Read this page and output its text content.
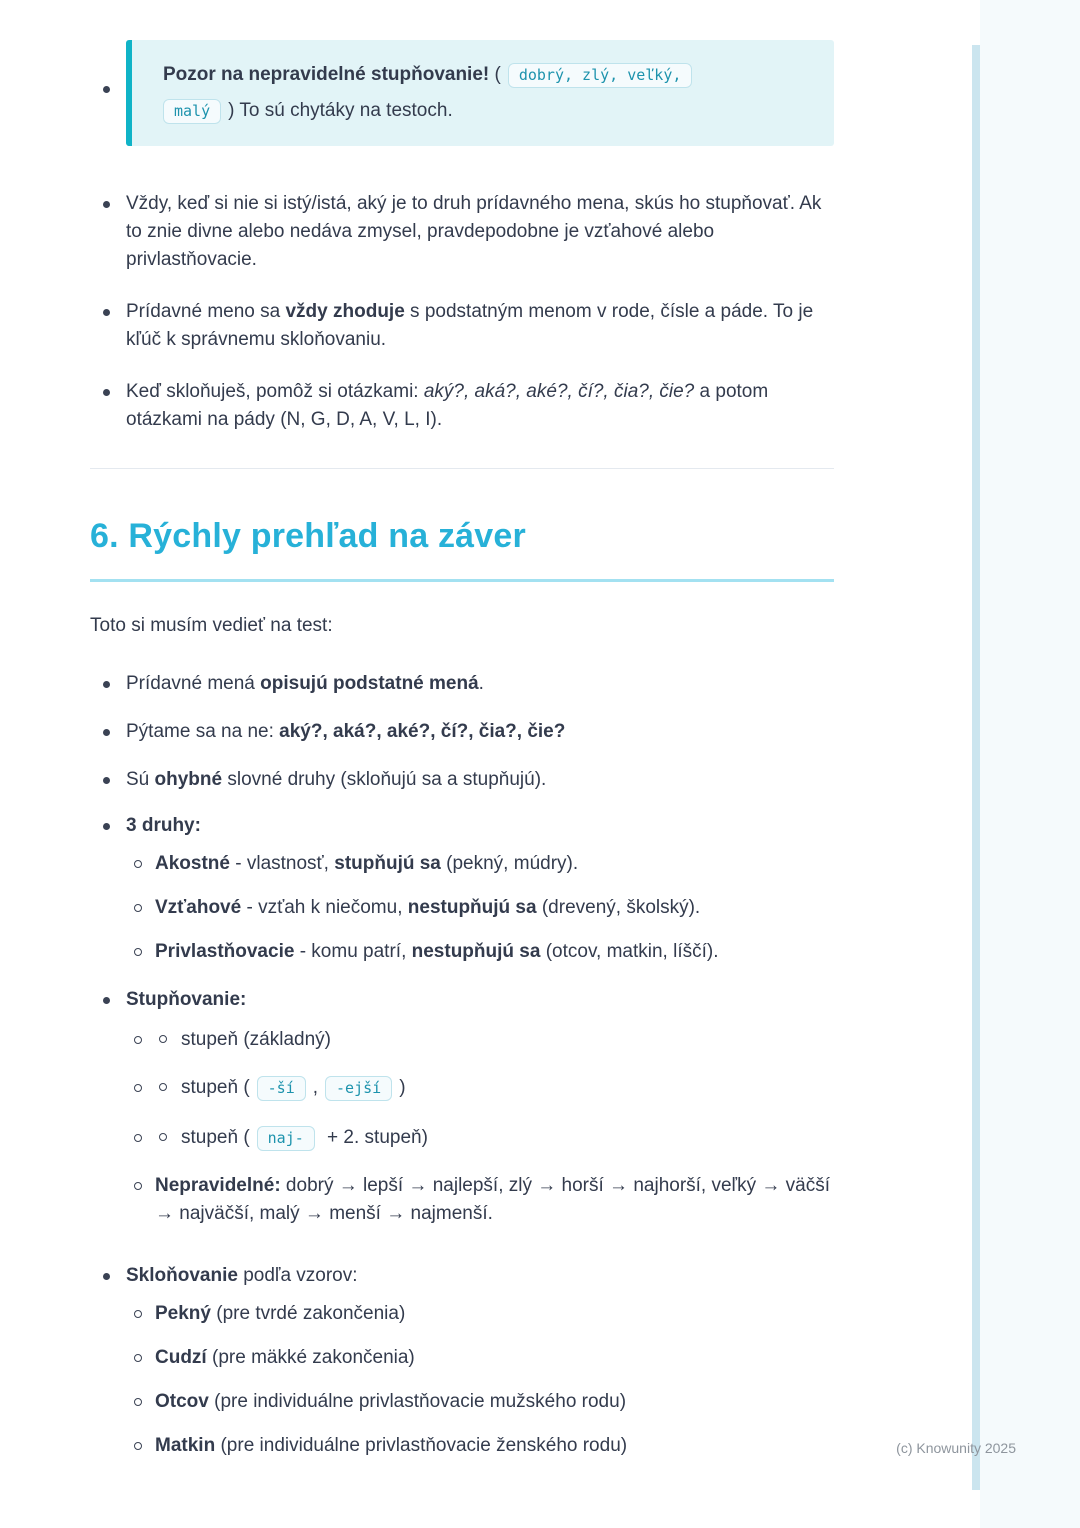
(c) Knowunity 2025

Pozor na nepravidelné stupňovanie! ( dobrý, zlý, veľký,
malý ) To sú chytáky na testoch.

Vždy, keď si nie si istý/istá, aký je to druh prídavného mena, skús ho stupňovať. Ak to znie divne alebo nedáva zmysel, pravdepodobne je vzťahové alebo privlastňovacie.

Prídavné meno sa vždy zhoduje s podstatným menom v rode, čísle a páde. To je kľúč k správnemu skloňovaniu.

Keď skloňuješ, pomôž si otázkami: aký?, aká?, aké?, čí?, čia?, čie? a potom otázkami na pády (N, G, D, A, V, L, I).

6. Rýchly prehľad na záver

Toto si musím vedieť na test:

Prídavné mená opisujú podstatné mená.

Pýtame sa na ne: aký?, aká?, aké?, čí?, čia?, čie?

Sú ohybné slovné druhy (skloňujú sa a stupňujú).

3 druhy:

Akostné - vlastnosť, stupňujú sa (pekný, múdry).

Vzťahové - vzťah k niečomu, nestupňujú sa (drevený, školský).

Privlastňovacie - komu patrí, nestupňujú sa (otcov, matkin, líščí).

Stupňovanie:

stupeň (základný)

stupeň ( -ší , -ejší )

stupeň ( naj- + 2. stupeň)

Nepravidelné: dobrý → lepší → najlepší, zlý → horší → najhorší, veľký → väčší → najväčší, malý → menší → najmenší.

Skloňovanie podľa vzorov:

Pekný (pre tvrdé zakončenia)

Cudzí (pre mäkké zakončenia)

Otcov (pre individuálne privlastňovacie mužského rodu)

Matkin (pre individuálne privlastňovacie ženského rodu)
